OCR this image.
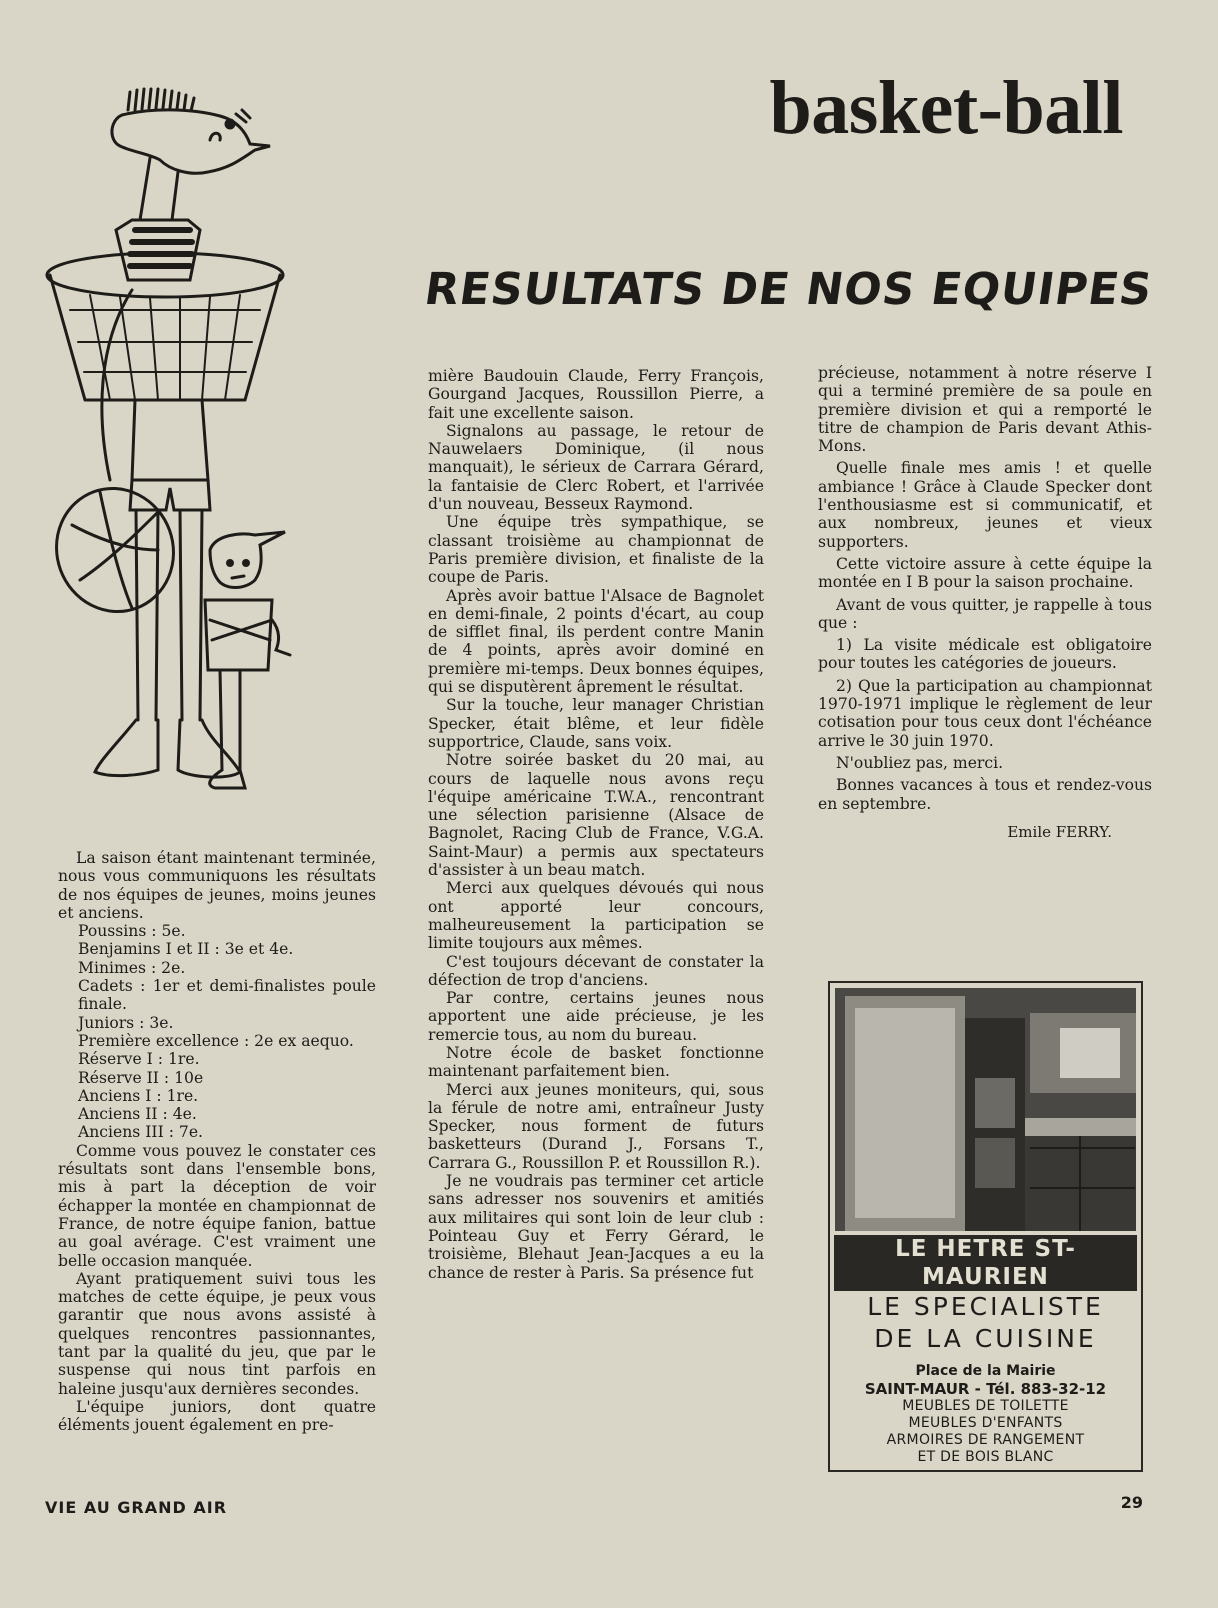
basket-ball
RESULTATS DE NOS EQUIPES

La saison étant maintenant terminée, nous vous communiquons les résultats de nos équipes de jeunes, moins jeunes et anciens.

Poussins : 5e.
Benjamins I et II : 3e et 4e.
Minimes : 2e.
Cadets : 1er et demi-finalistes poule finale.
Juniors : 3e.
Première excellence : 2e ex aequo.
Réserve I : 1re.
Réserve II : 10e
Anciens I : 1re.
Anciens II : 4e.
Anciens III : 7e.

Comme vous pouvez le constater ces résultats sont dans l'ensemble bons, mis à part la déception de voir échapper la montée en championnat de France, de notre équipe fanion, battue au goal avérage. C'est vraiment une belle occasion manquée.

Ayant pratiquement suivi tous les matches de cette équipe, je peux vous garantir que nous avons assisté à quelques rencontres passionnantes, tant par la qualité du jeu, que par le suspense qui nous tint parfois en haleine jusqu'aux dernières secondes.

L'équipe juniors, dont quatre éléments jouent également en pre-

mière Baudouin Claude, Ferry François, Gourgand Jacques, Roussillon Pierre, a fait une excellente saison.

Signalons au passage, le retour de Nauwelaers Dominique, (il nous manquait), le sérieux de Carrara Gérard, la fantaisie de Clerc Robert, et l'arrivée d'un nouveau, Besseux Raymond.

Une équipe très sympathique, se classant troisième au championnat de Paris première division, et finaliste de la coupe de Paris.

Après avoir battue l'Alsace de Bagnolet en demi-finale, 2 points d'écart, au coup de sifflet final, ils perdent contre Manin de 4 points, après avoir dominé en première mi-temps. Deux bonnes équipes, qui se disputèrent âprement le résultat.

Sur la touche, leur manager Christian Specker, était blême, et leur fidèle supportrice, Claude, sans voix.

Notre soirée basket du 20 mai, au cours de laquelle nous avons reçu l'équipe américaine T.W.A., rencontrant une sélection parisienne (Alsace de Bagnolet, Racing Club de France, V.G.A. Saint-Maur) a permis aux spectateurs d'assister à un beau match.

Merci aux quelques dévoués qui nous ont apporté leur concours, malheureusement la participation se limite toujours aux mêmes.

C'est toujours décevant de constater la défection de trop d'anciens.

Par contre, certains jeunes nous apportent une aide précieuse, je les remercie tous, au nom du bureau.

Notre école de basket fonctionne maintenant parfaitement bien.

Merci aux jeunes moniteurs, qui, sous la férule de notre ami, entraîneur Justy Specker, nous forment de futurs basketteurs (Durand J., Forsans T., Carrara G., Roussillon P. et Roussillon R.).

Je ne voudrais pas terminer cet article sans adresser nos souvenirs et amitiés aux militaires qui sont loin de leur club : Pointeau Guy et Ferry Gérard, le troisième, Blehaut Jean-Jacques a eu la chance de rester à Paris. Sa présence fut

précieuse, notamment à notre réserve I qui a terminé première de sa poule en première division et qui a remporté le titre de champion de Paris devant Athis-Mons.

Quelle finale mes amis ! et quelle ambiance ! Grâce à Claude Specker dont l'enthousiasme est si communicatif, et aux nombreux, jeunes et vieux supporters.

Cette victoire assure à cette équipe la montée en I B pour la saison prochaine.

Avant de vous quitter, je rappelle à tous que :

1) La visite médicale est obligatoire pour toutes les catégories de joueurs.

2) Que la participation au championnat 1970-1971 implique le règlement de leur cotisation pour tous ceux dont l'échéance arrive le 30 juin 1970.

N'oubliez pas, merci.

Bonnes vacances à tous et rendez-vous en septembre.

Emile FERRY.
LE HETRE ST-MAURIEN
LE SPECIALISTE
DE LA CUISINE
Place de la Mairie
SAINT-MAUR - Tél. 883-32-12
MEUBLES DE TOILETTE
MEUBLES D'ENFANTS
ARMOIRES DE RANGEMENT
ET DE BOIS BLANC
VIE AU GRAND AIR	29
